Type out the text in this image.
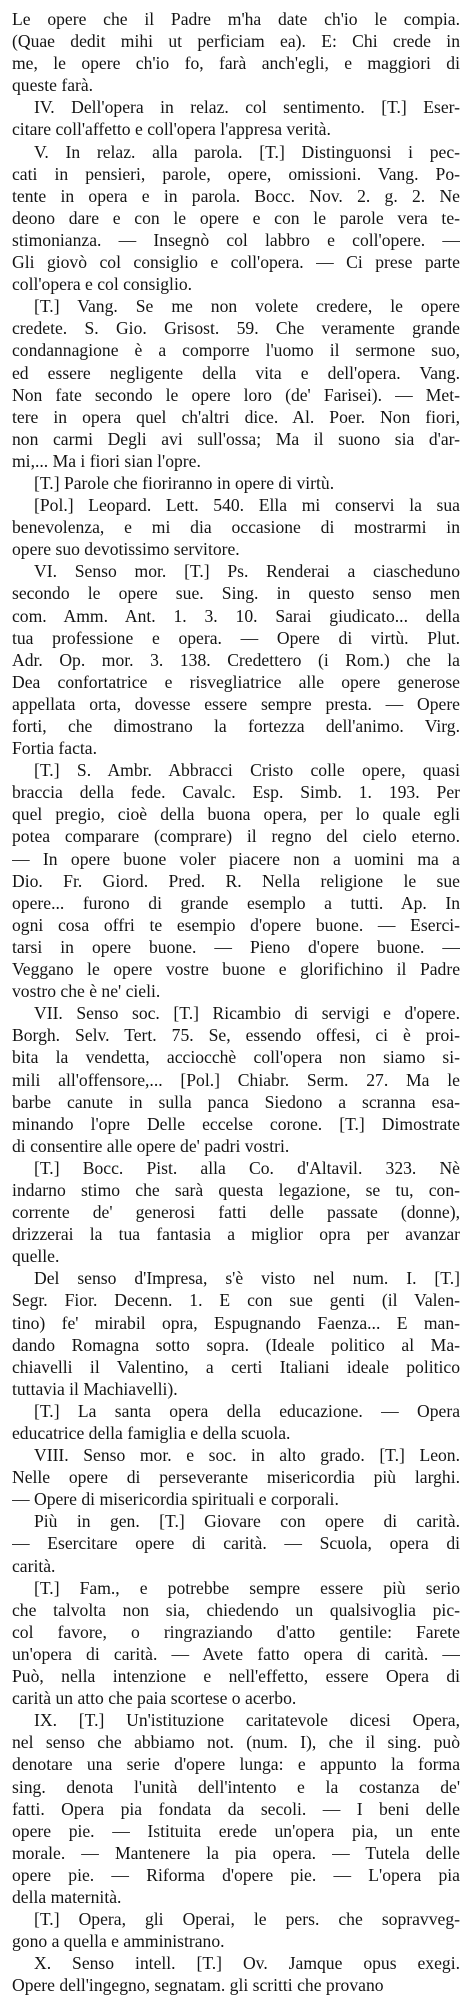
Le opere che il Padre m'ha date ch'io le compia.
(Quae dedit mihi ut perficiam ea). E: Chi crede in
me, le opere ch'io fo, farà anch'egli, e maggiori di
queste farà.
IV. Dell'opera in relaz. col sentimento. [T.] Eser-
citare coll'affetto e coll'opera l'appresa verità.
V. In relaz. alla parola. [T.] Distinguonsi i pec-
cati in pensieri, parole, opere, omissioni. Vang. Po-
tente in opera e in parola. Bocc. Nov. 2. g. 2. Ne
deono dare e con le opere e con le parole vera te-
stimonianza. — Insegnò col labbro e coll'opere. —
Gli giovò col consiglio e coll'opera. — Ci prese parte
coll'opera e col consiglio.
[T.] Vang. Se me non volete credere, le opere
credete. S. Gio. Grisost. 59. Che veramente grande
condannagione è a comporre l'uomo il sermone suo,
ed essere negligente della vita e dell'opera. Vang.
Non fate secondo le opere loro (de' Farisei). — Met-
tere in opera quel ch'altri dice. Al. Poer. Non fiori,
non carmi Degli avi sull'ossa; Ma il suono sia d'ar-
mi,... Ma i fiori sian l'opre.
[T.] Parole che fioriranno in opere di virtù.
[Pol.] Leopard. Lett. 540. Ella mi conservi la sua
benevolenza, e mi dia occasione di mostrarmi in
opere suo devotissimo servitore.
VI. Senso mor. [T.] Ps. Renderai a ciascheduno
secondo le opere sue. Sing. in questo senso men
com. Amm. Ant. 1. 3. 10. Sarai giudicato... della
tua professione e opera. — Opere di virtù. Plut.
Adr. Op. mor. 3. 138. Credettero (i Rom.) che la
Dea confortatrice e risvegliatrice alle opere generose
appellata orta, dovesse essere sempre presta. — Opere
forti, che dimostrano la fortezza dell'animo. Virg.
Fortia facta.
[T.] S. Ambr. Abbracci Cristo colle opere, quasi
braccia della fede. Cavalc. Esp. Simb. 1. 193. Per
quel pregio, cioè della buona opera, per lo quale egli
potea comparare (comprare) il regno del cielo eterno.
— In opere buone voler piacere non a uomini ma a
Dio. Fr. Giord. Pred. R. Nella religione le sue
opere... furono di grande esemplo a tutti. Ap. In
ogni cosa offri te esempio d'opere buone. — Eserci-
tarsi in opere buone. — Pieno d'opere buone. —
Veggano le opere vostre buone e glorifichino il Padre
vostro che è ne' cieli.
VII. Senso soc. [T.] Ricambio di servigi e d'opere.
Borgh. Selv. Tert. 75. Se, essendo offesi, ci è proi-
bita la vendetta, acciocchè coll'opera non siamo si-
mili all'offensore,... [Pol.] Chiabr. Serm. 27. Ma le
barbe canute in sulla panca Siedono a scranna esa-
minando l'opre Delle eccelse corone. [T.] Dimostrate
di consentire alle opere de' padri vostri.
[T.] Bocc. Pist. alla Co. d'Altavil. 323. Nè
indarno stimo che sarà questa legazione, se tu, con-
corrente de' generosi fatti delle passate (donne),
drizzerai la tua fantasia a miglior opra per avanzar
quelle.
Del senso d'Impresa, s'è visto nel num. I. [T.]
Segr. Fior. Decenn. 1. E con sue genti (il Valen-
tino) fe' mirabil opra, Espugnando Faenza... E man-
dando Romagna sotto sopra. (Ideale politico al Ma-
chiavelli il Valentino, a certi Italiani ideale politico
tuttavia il Machiavelli).
[T.] La santa opera della educazione. — Opera
educatrice della famiglia e della scuola.
VIII. Senso mor. e soc. in alto grado. [T.] Leon.
Nelle opere di perseverante misericordia più larghi.
— Opere di misericordia spirituali e corporali.
Più in gen. [T.] Giovare con opere di carità.
— Esercitare opere di carità. — Scuola, opera di
carità.
[T.] Fam., e potrebbe sempre essere più serio
che talvolta non sia, chiedendo un qualsivoglia pic-
col favore, o ringraziando d'atto gentile: Farete
un'opera di carità. — Avete fatto opera di carità. —
Può, nella intenzione e nell'effetto, essere Opera di
carità un atto che paia scortese o acerbo.
IX. [T.] Un'istituzione caritatevole dicesi Opera,
nel senso che abbiamo not. (num. I), che il sing. può
denotare una serie d'opere lunga: e appunto la forma
sing. denota l'unità dell'intento e la costanza de'
fatti. Opera pia fondata da secoli. — I beni delle
opere pie. — Istituita erede un'opera pia, un ente
morale. — Mantenere la pia opera. — Tutela delle
opere pie. — Riforma d'opere pie. — L'opera pia
della maternità.
[T.] Opera, gli Operai, le pers. che sopravveg-
gono a quella e amministrano.
X. Senso intell. [T.] Ov. Jamque opus exegi.
Opere dell'ingegno, segnatam. gli scritti che provano
